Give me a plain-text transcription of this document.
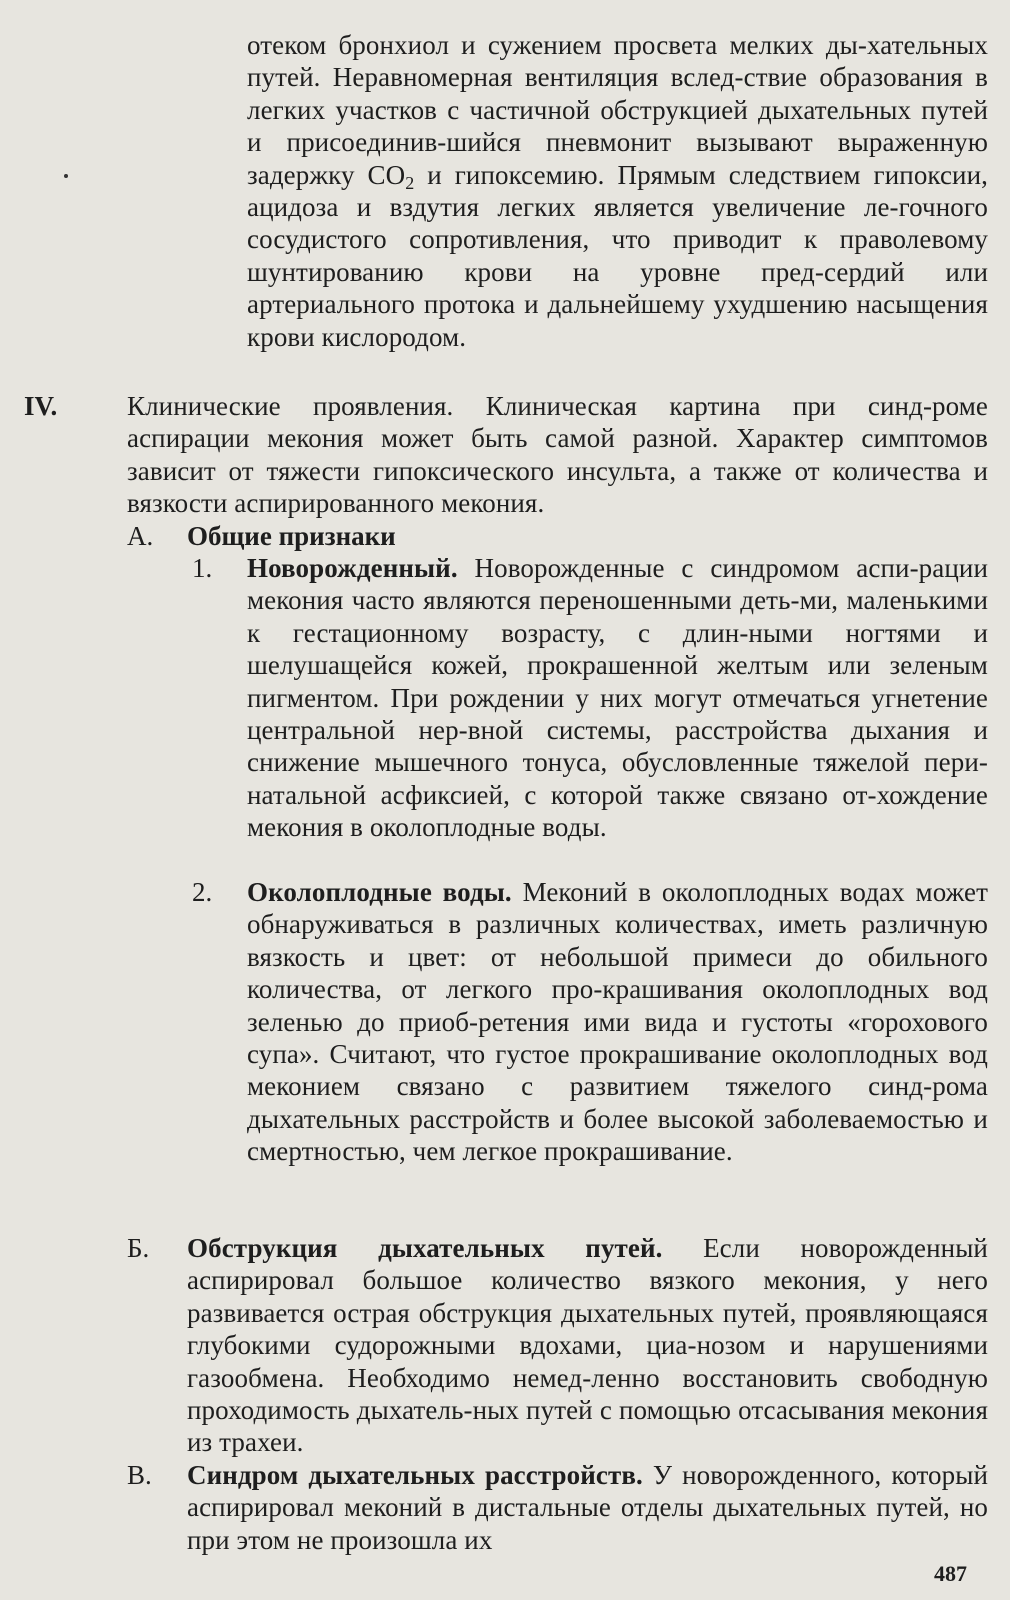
отеком бронхиол и сужением просвета мелких ды-хательных путей. Неравномерная вентиляция вслед-ствие образования в легких участков с частичной обструкцией дыхательных путей и присоединив-шийся пневмонит вызывают выраженную задержку $CO_2$ и гипоксемию. Прямым следствием гипоксии, ацидоза и вздутия легких является увеличение ле-гочного сосудистого сопротивления, что приводит к праволевому шунтированию крови на уровне пред-сердий или артериального протока и дальнейшему ухудшению насыщения крови кислородом.
IV.	Клинические проявления. Клиническая картина при синд-роме аспирации мекония может быть самой разной. Характер симптомов зависит от тяжести гипоксического инсульта, а также от количества и вязкости аспирированного мекония.
А. Общие признаки
1. Новорожденный. Новорожденные с синдромом аспи-рации мекония часто являются переношенными деть-ми, маленькими к гестационному возрасту, с длин-ными ногтями и шелушащейся кожей, прокрашенной желтым или зеленым пигментом. При рождении у них могут отмечаться угнетение центральной нер-вной системы, расстройства дыхания и снижение мышечного тонуса, обусловленные тяжелой пери-натальной асфиксией, с которой также связано от-хождение мекония в околоплодные воды.
2. Околоплодные воды. Меконий в околоплодных водах может обнаруживаться в различных количествах, иметь различную вязкость и цвет: от небольшой примеси до обильного количества, от легкого про-крашивания околоплодных вод зеленью до приоб-ретения ими вида и густоты «горохового супа». Считают, что густое прокрашивание околоплодных вод меконием связано с развитием тяжелого синд-рома дыхательных расстройств и более высокой заболеваемостью и смертностью, чем легкое прокрашивание.
Б. Обструкция дыхательных путей. Если новорожденный аспирировал большое количество вязкого мекония, у него развивается острая обструкция дыхательных путей, проявляющаяся глубокими судорожными вдохами, циа-нозом и нарушениями газообмена. Необходимо немед-ленно восстановить свободную проходимость дыхатель-ных путей с помощью отсасывания мекония из трахеи.
В. Синдром дыхательных расстройств. У новорожденного, который аспирировал меконий в дистальные отделы дыхательных путей, но при этом не произошла их
487
